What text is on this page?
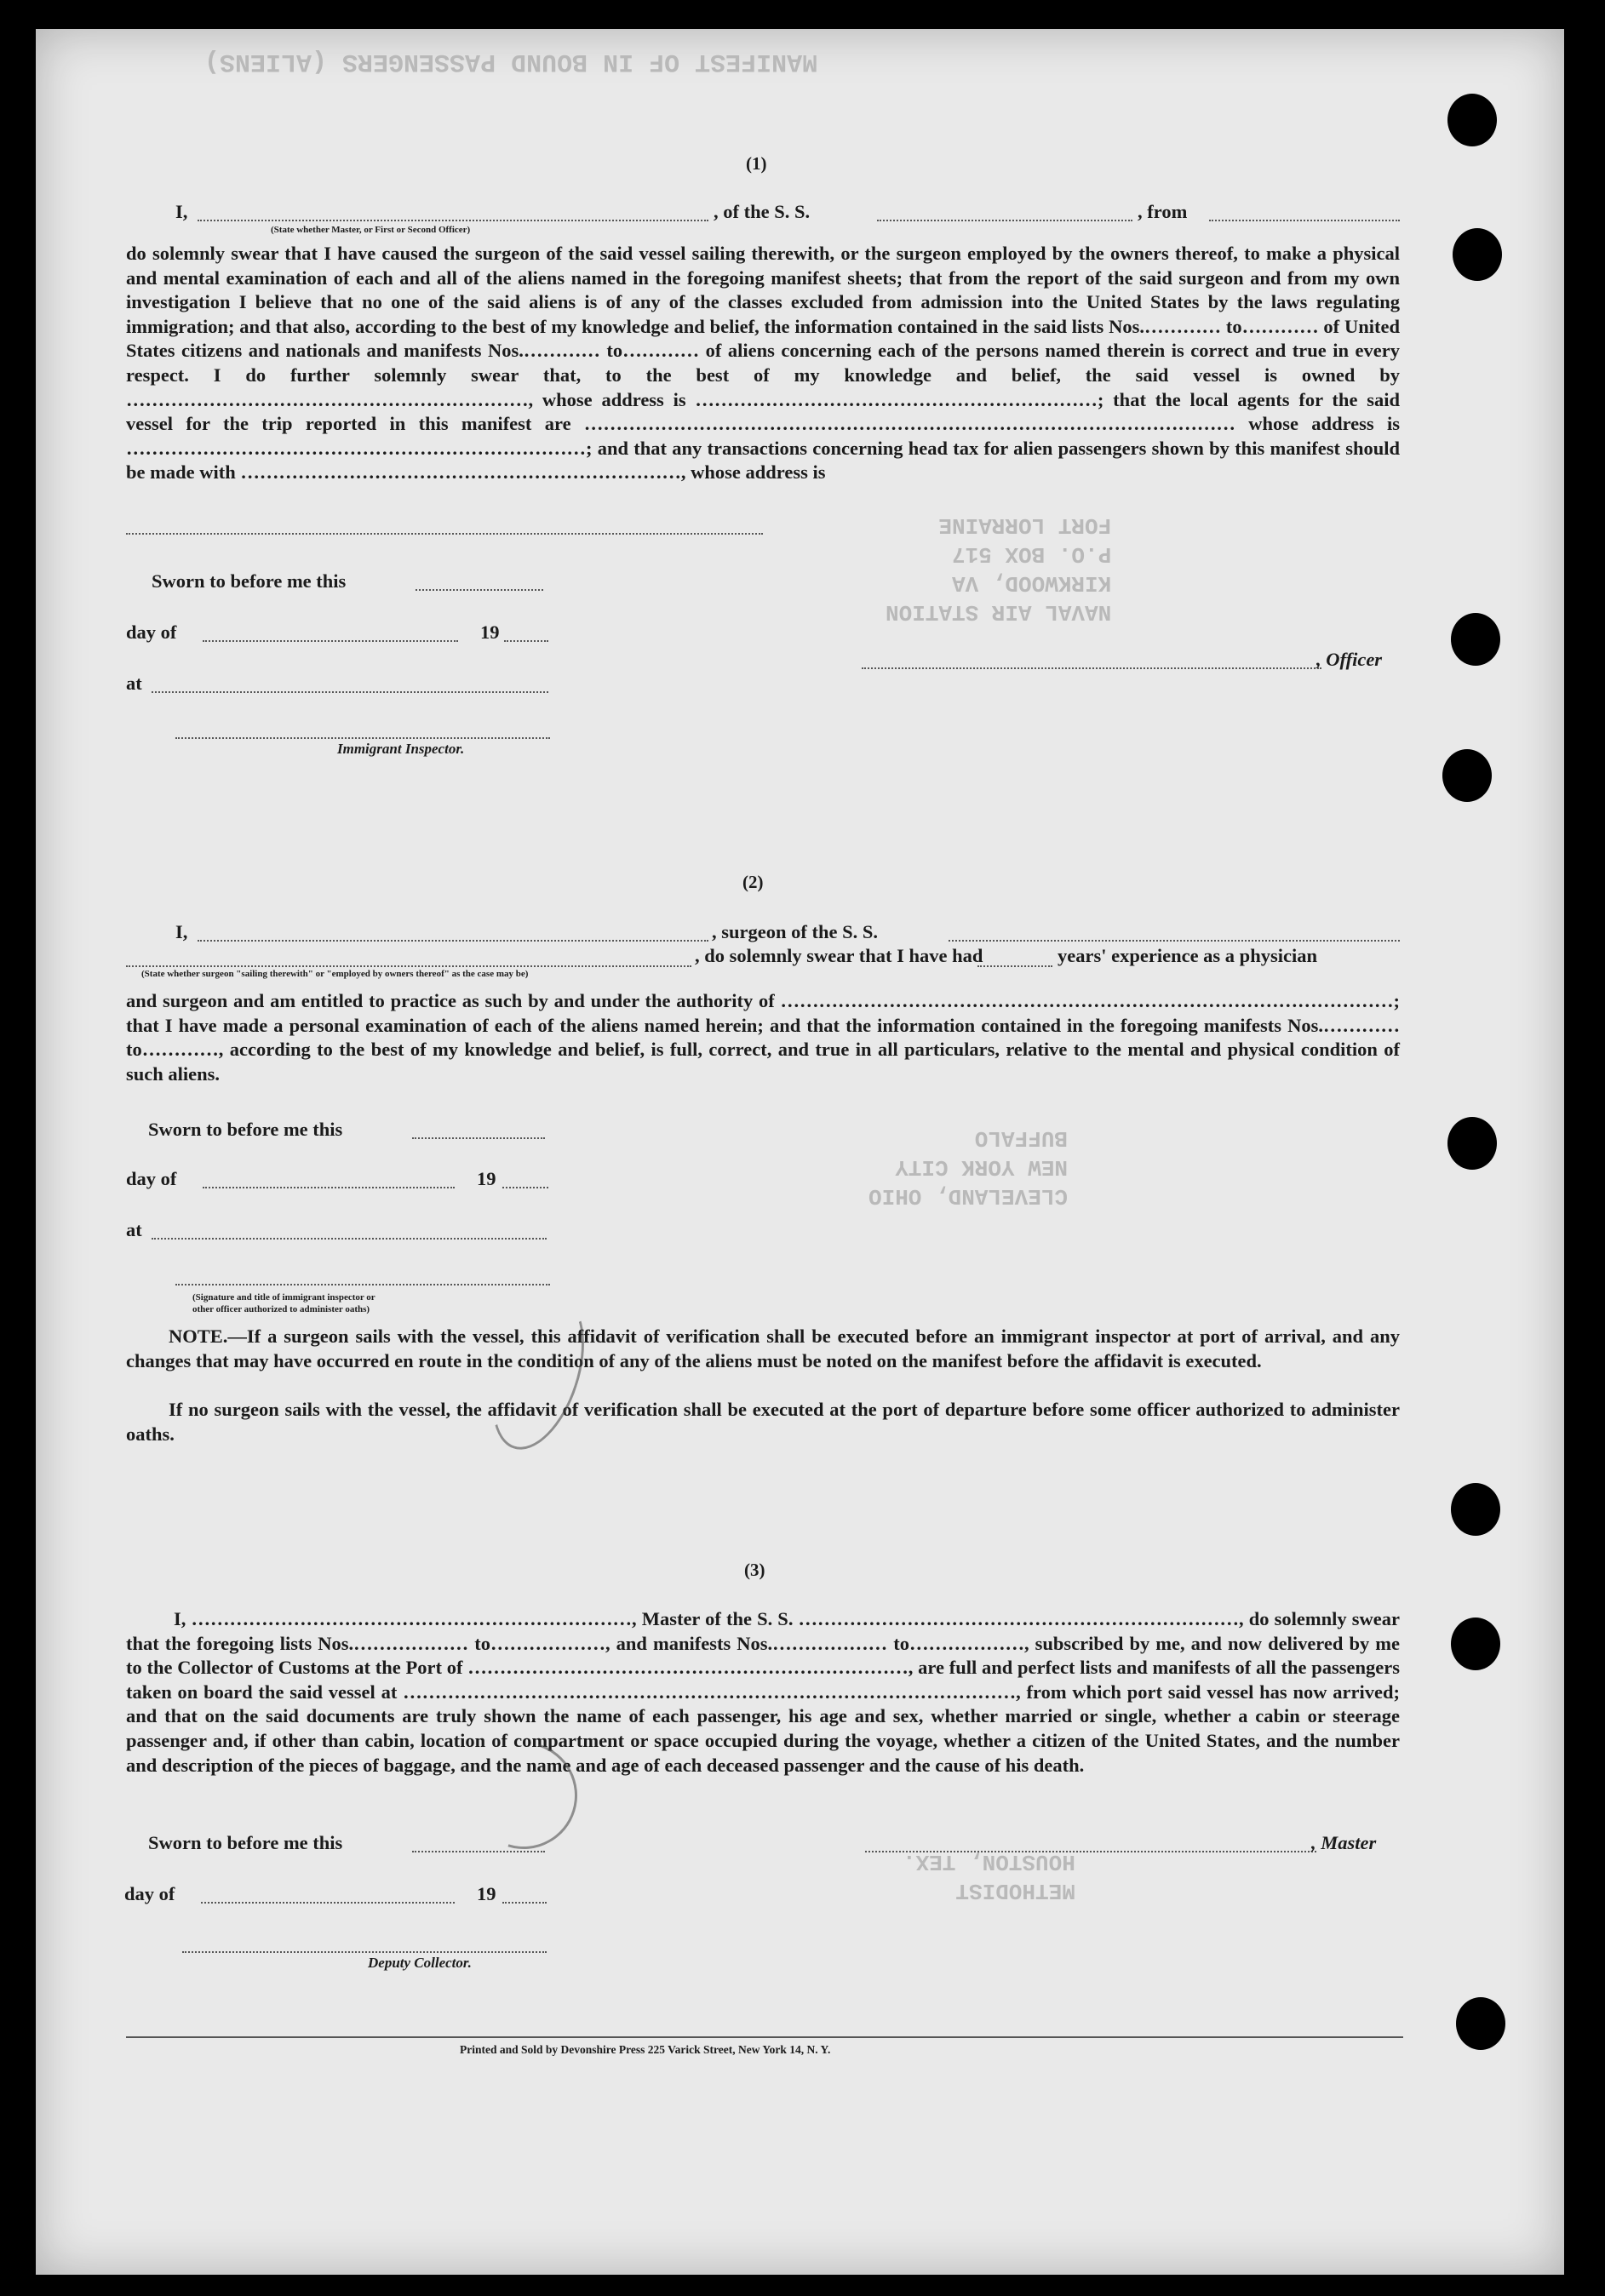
MANIFEST OF IN BOUND PASSENGERS (ALIENS)
NAVAL AIR STATION
KIRKWOOD, VA
P.O. BOX 517
FORT LORRAINE
CLEVELAND, OHIO
NEW YORK CITY
BUFFALO
METHODIST
HOUSTON, TEX.
(1)
I,	, of the S. S.	, from
(State whether Master, or First or Second Officer)

do solemnly swear that I have caused the surgeon of the said vessel sailing therewith, or the surgeon employed by the owners thereof, to make a physical and mental examination of each and all of the aliens named in the foregoing manifest sheets; that from the report of the said surgeon and from my own investigation I believe that no one of the said aliens is of any of the classes excluded from admission into the United States by the laws regulating immigration; and that also, according to the best of my knowledge and belief, the information contained in the said lists Nos.………… to………… of United States citizens and nationals and manifests Nos.………… to………… of aliens concerning each of the persons named therein is correct and true in every respect. I do further solemnly swear that, to the best of my knowledge and belief, the said vessel is owned by ………………………………………………………, whose address is ………………………………………………………; that the local agents for the said vessel for the trip reported in this manifest are ………………………………………………………………………………………… whose address is ………………………………………………………………; and that any transactions concerning head tax for alien passengers shown by this manifest should be made with ……………………………………………………………, whose address is

Sworn to before me this
day of	19
, Officer
at
Immigrant Inspector.
(2)
I,	, surgeon of the S. S.
, do solemnly swear that I have had	years' experience as a physician
(State whether surgeon "sailing therewith" or "employed by owners thereof" as the case may be)

and surgeon and am entitled to practice as such by and under the authority of ……………………………………………………………………………………; that I have made a personal examination of each of the aliens named herein; and that the information contained in the foregoing manifests Nos.………… to…………, according to the best of my knowledge and belief, is full, correct, and true in all particulars, relative to the mental and physical condition of such aliens.

Sworn to before me this
day of	19
at
(Signature and title of immigrant inspector or
other officer authorized to administer oaths)

NOTE.—If a surgeon sails with the vessel, this affidavit of verification shall be executed before an immigrant inspector at port of arrival, and any changes that may have occurred en route in the condition of any of the aliens must be noted on the manifest before the affidavit is executed.

If no surgeon sails with the vessel, the affidavit of verification shall be executed at the port of departure before some officer authorized to administer oaths.

(3)

I, ……………………………………………………………, Master of the S. S. ……………………………………………………………, do solemnly swear that the foregoing lists Nos.……………… to………………, and manifests Nos.……………… to………………, subscribed by me, and now delivered by me to the Collector of Customs at the Port of ……………………………………………………………, are full and perfect lists and manifests of all the passengers taken on board the said vessel at ……………………………………………………………………………………, from which port said vessel has now arrived; and that on the said documents are truly shown the name of each passenger, his age and sex, whether married or single, whether a cabin or steerage passenger and, if other than cabin, location of compartment or space occupied during the voyage, whether a citizen of the United States, and the number and description of the pieces of baggage, and the name and age of each deceased passenger and the cause of his death.

Sworn to before me this	, Master
day of	19
Deputy Collector.
Printed and Sold by Devonshire Press 225 Varick Street, New York 14, N. Y.
